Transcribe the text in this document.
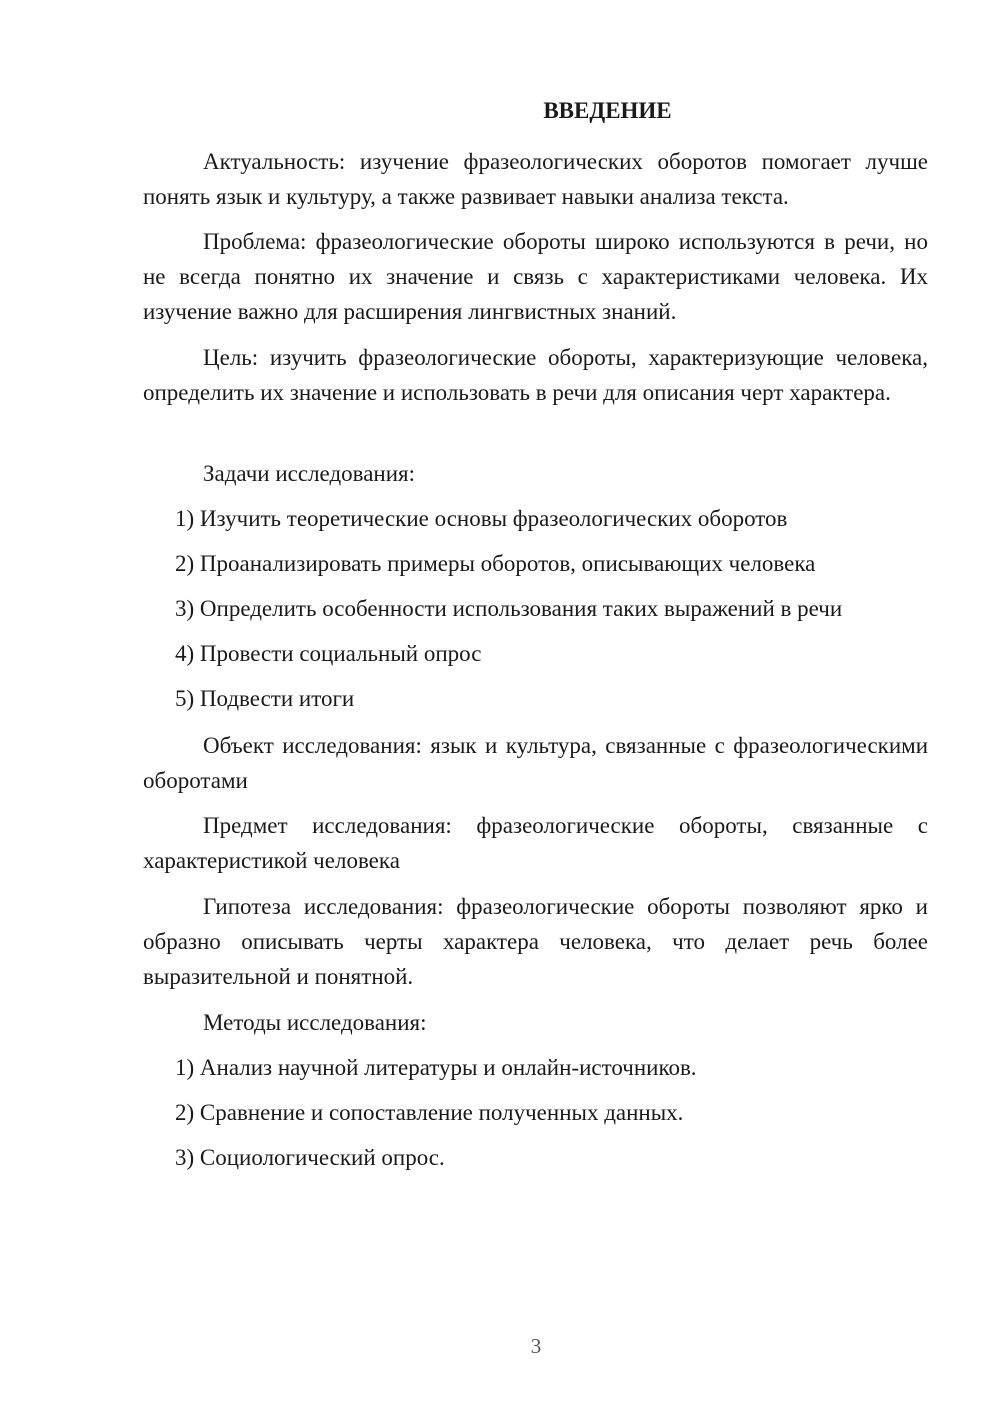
ВВЕДЕНИЕ

Актуальность: изучение фразеологических оборотов помогает лучше понять язык и культуру, а также развивает навыки анализа текста.

Проблема: фразеологические обороты широко используются в речи, но не всегда понятно их значение и связь с характеристиками человека. Их изучение важно для расширения лингвистных знаний.

Цель: изучить фразеологические обороты, характеризующие человека, определить их значение и использовать в речи для описания черт характера.

Задачи исследования:

1) Изучить теоретические основы фразеологических оборотов

2) Проанализировать примеры оборотов, описывающих человека

3) Определить особенности использования таких выражений в речи

4) Провести социальный опрос

5) Подвести итоги

Объект исследования: язык и культура, связанные с фразеологическими оборотами

Предмет исследования: фразеологические обороты, связанные с характеристикой человека

Гипотеза исследования: фразеологические обороты позволяют ярко и образно описывать черты характера человека, что делает речь более выразительной и понятной.

Методы исследования:

1) Анализ научной литературы и онлайн-источников.

2) Сравнение и сопоставление полученных данных.

3) Социологический опрос.

3
